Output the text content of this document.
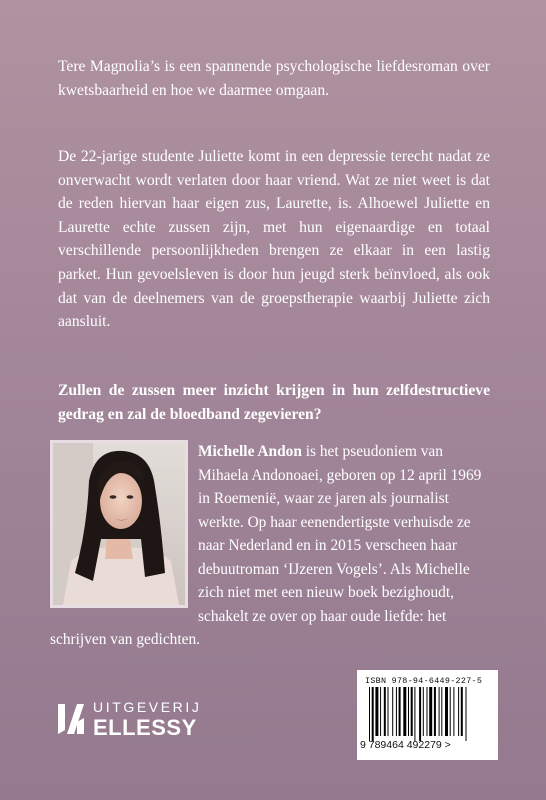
Tere Magnolia’s is een spannende psychologische liefdesroman over kwetsbaarheid en hoe we daarmee omgaan.

De 22-jarige studente Juliette komt in een depressie terecht nadat ze onverwacht wordt verlaten door haar vriend. Wat ze niet weet is dat de reden hiervan haar eigen zus, Laurette, is. Alhoewel Juliette en Laurette echte zussen zijn, met hun eigenaardige en totaal verschillende persoonlijkheden brengen ze elkaar in een lastig parket. Hun gevoelsleven is door hun jeugd sterk beïnvloed, als ook dat van de deelnemers van de groepstherapie waarbij Juliette zich aansluit.

Zullen de zussen meer inzicht krijgen in hun zelfdestructieve gedrag en zal de bloedband zegevieren?

Michelle Andon is het pseudoniem van Mihaela Andonoaei, geboren op 12 april 1969 in Roemenië, waar ze jaren als journalist werkte. Op haar eenendertigste verhuisde ze naar Nederland en in 2015 verscheen haar debuutroman ‘IJzeren Vogels’. Als Michelle zich niet met een nieuw boek bezighoudt, schakelt ze over op haar oude liefde: het schrijven van gedichten.

UITGEVERIJ
ELLESSY
ISBN 978-94-6449-227-5
9 789464 492279 >
